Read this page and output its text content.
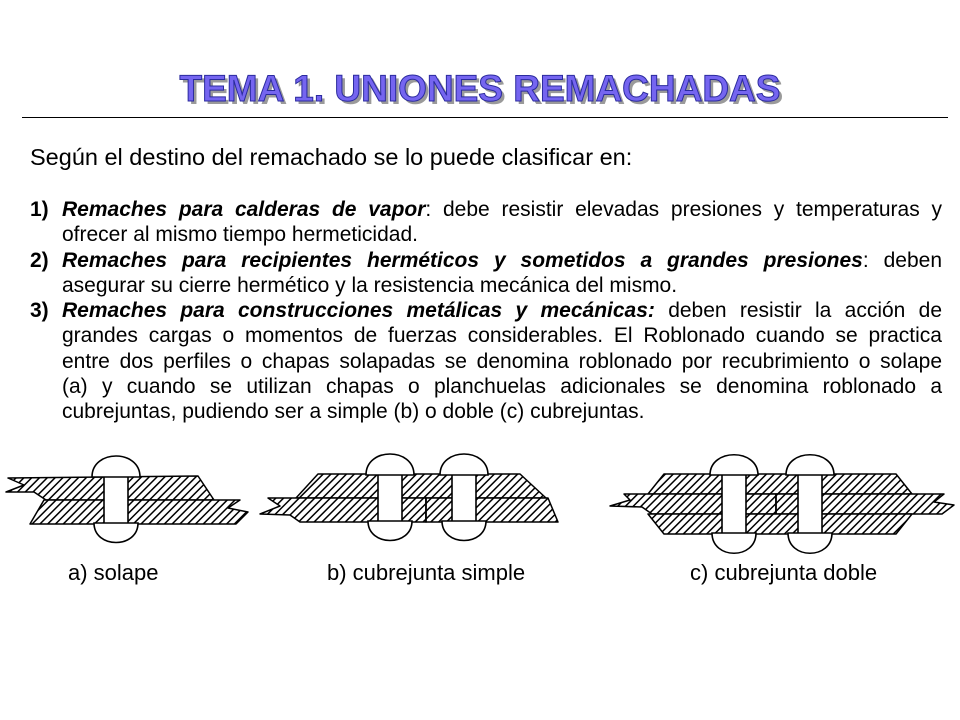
TEMA 1. UNIONES REMACHADAS
Según el destino del remachado se lo puede clasificar en:
1) Remaches para calderas de vapor: debe resistir elevadas presiones y temperaturas y
ofrecer al mismo tiempo hermeticidad.
2) Remaches para recipientes herméticos y sometidos a grandes presiones: deben
asegurar su cierre hermético y la resistencia mecánica del mismo.
3) Remaches para construcciones metálicas y mecánicas: deben resistir la acción de
grandes cargas o momentos de fuerzas considerables. El Roblonado cuando se practica
entre dos perfiles o chapas solapadas se denomina roblonado por recubrimiento o solape
(a) y cuando se utilizan chapas o planchuelas adicionales se denomina roblonado a
cubrejuntas, pudiendo ser a simple (b) o doble (c) cubrejuntas.
a) solape	b) cubrejunta simple	c) cubrejunta doble
